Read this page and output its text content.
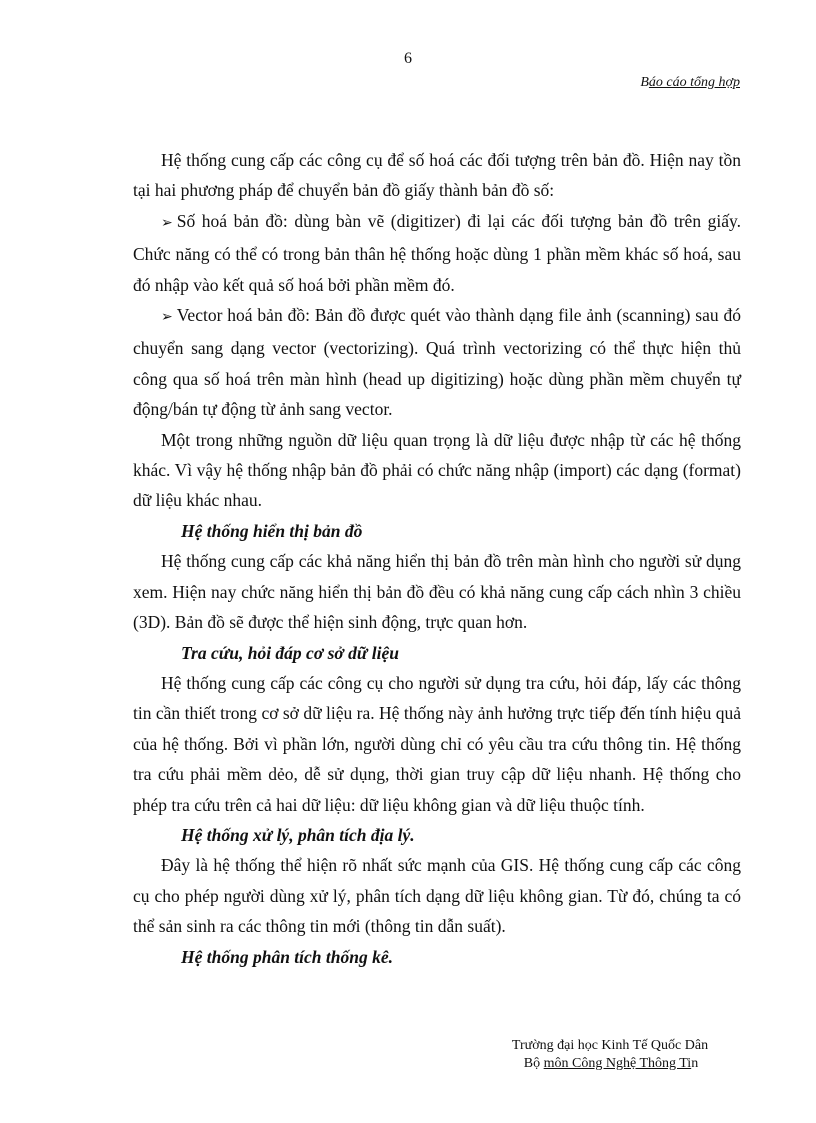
6
Báo cáo tổng hợp

Hệ thống cung cấp các công cụ để số hoá các đối tượng trên bản đồ. Hiện nay tồn tại hai phương pháp để chuyển bản đồ giấy thành bản đồ số:

➢ Số hoá bản đồ: dùng bàn vẽ (digitizer) đi lại các đối tượng bản đồ trên giấy. Chức năng có thể có trong bản thân hệ thống hoặc dùng 1 phần mềm khác số hoá, sau đó nhập vào kết quả số hoá bởi phần mềm đó.

➢ Vector hoá bản đồ: Bản đồ được quét vào thành dạng file ảnh (scanning) sau đó chuyển sang dạng vector (vectorizing). Quá trình vectorizing có thể thực hiện thủ công qua số hoá trên màn hình (head up digitizing) hoặc dùng phần mềm chuyển tự động/bán tự động từ ảnh sang vector.

Một trong những nguồn dữ liệu quan trọng là dữ liệu được nhập từ các hệ thống khác. Vì vậy hệ thống nhập bản đồ phải có chức năng nhập (import) các dạng (format) dữ liệu khác nhau.

Hệ thống hiển thị bản đồ

Hệ thống cung cấp các khả năng hiển thị bản đồ trên màn hình cho người sử dụng xem. Hiện nay chức năng hiển thị bản đồ đều có khả năng cung cấp cách nhìn 3 chiều (3D). Bản đồ sẽ được thể hiện sinh động, trực quan hơn.

Tra cứu, hỏi đáp cơ sở dữ liệu

Hệ thống cung cấp các công cụ cho người sử dụng tra cứu, hỏi đáp, lấy các thông tin cần thiết trong cơ sở dữ liệu ra. Hệ thống này ảnh hưởng trực tiếp đến tính hiệu quả của hệ thống. Bởi vì phần lớn, người dùng chỉ có yêu cầu tra cứu thông tin. Hệ thống tra cứu phải mềm dẻo, dễ sử dụng, thời gian truy cập dữ liệu nhanh. Hệ thống cho phép tra cứu trên cả hai dữ liệu: dữ liệu không gian và dữ liệu thuộc tính.

Hệ thống xử lý, phân tích địa lý.

Đây là hệ thống thể hiện rõ nhất sức mạnh của GIS. Hệ thống cung cấp các công cụ cho phép người dùng xử lý, phân tích dạng dữ liệu không gian. Từ đó, chúng ta có thể sản sinh ra các thông tin mới (thông tin dẫn suất).

Hệ thống phân tích thống kê.
Trường đại học Kinh Tế Quốc Dân
Bộ môn Công Nghệ Thông Tin
